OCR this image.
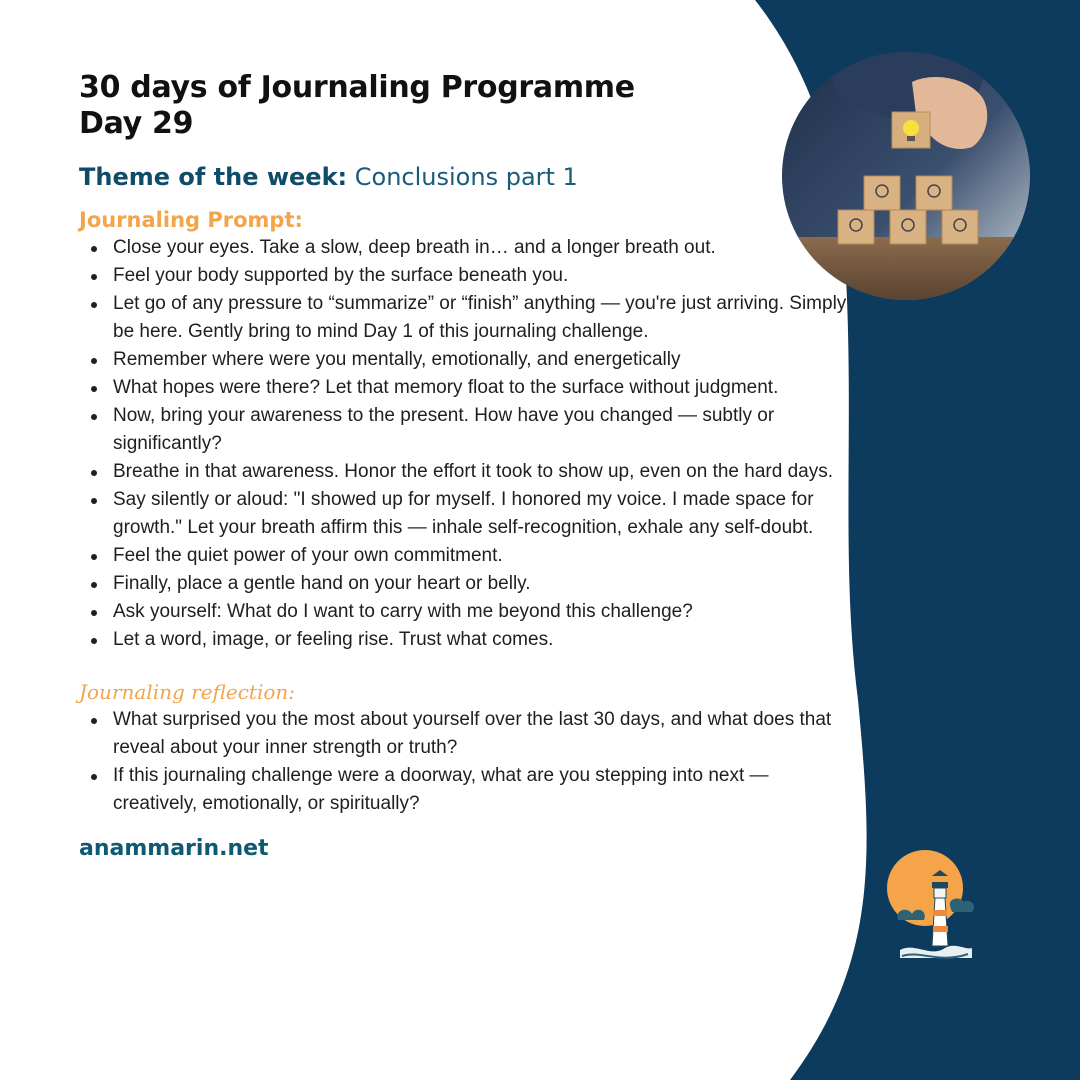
30 days of Journaling Programme
Day 29
Theme of the week: Conclusions part 1
Journaling Prompt:
Close your eyes. Take a slow, deep breath in… and a longer breath out.
Feel your body supported by the surface beneath you.
Let go of any pressure to “summarize” or “finish” anything — you're just arriving. Simply be here. Gently bring to mind Day 1 of this journaling challenge.
Remember where were you mentally, emotionally, and energetically
What hopes were there? Let that memory float to the surface without judgment.
Now, bring your awareness to the present. How have you changed — subtly or significantly?
Breathe in that awareness. Honor the effort it took to show up, even on the hard days.
Say silently or aloud: "I showed up for myself. I honored my voice. I made space for growth." Let your breath affirm this — inhale self-recognition, exhale any self-doubt.
Feel the quiet power of your own commitment.
Finally, place a gentle hand on your heart or belly.
Ask yourself: What do I want to carry with me beyond this challenge?
Let a word, image, or feeling rise. Trust what comes.
Journaling reflection:
What surprised you the most about yourself over the last 30 days, and what does that reveal about your inner strength or truth?
If this journaling challenge were a doorway, what are you stepping into next — creatively, emotionally, or spiritually?
anammarin.net
